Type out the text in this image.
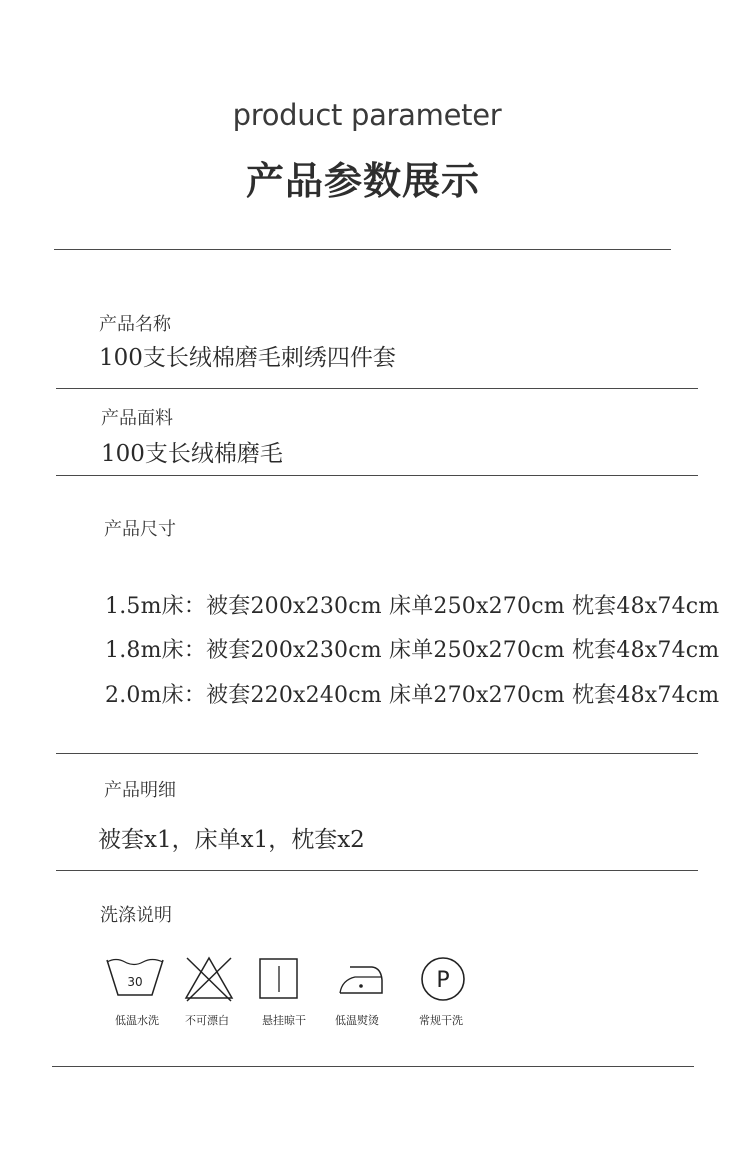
product parameter
产品参数展示
产品名称
100支长绒棉磨毛刺绣四件套
产品面料
100支长绒棉磨毛
产品尺寸
1.5m床：被套200x230cm 床单250x270cm 枕套48x74cm
1.8m床：被套200x230cm 床单250x270cm 枕套48x74cm
2.0m床：被套220x240cm 床单270x270cm 枕套48x74cm
产品明细
被套x1，床单x1，枕套x2
洗涤说明
30
低温水洗	不可漂白	悬挂晾干	低温熨烫
P
常规干洗
